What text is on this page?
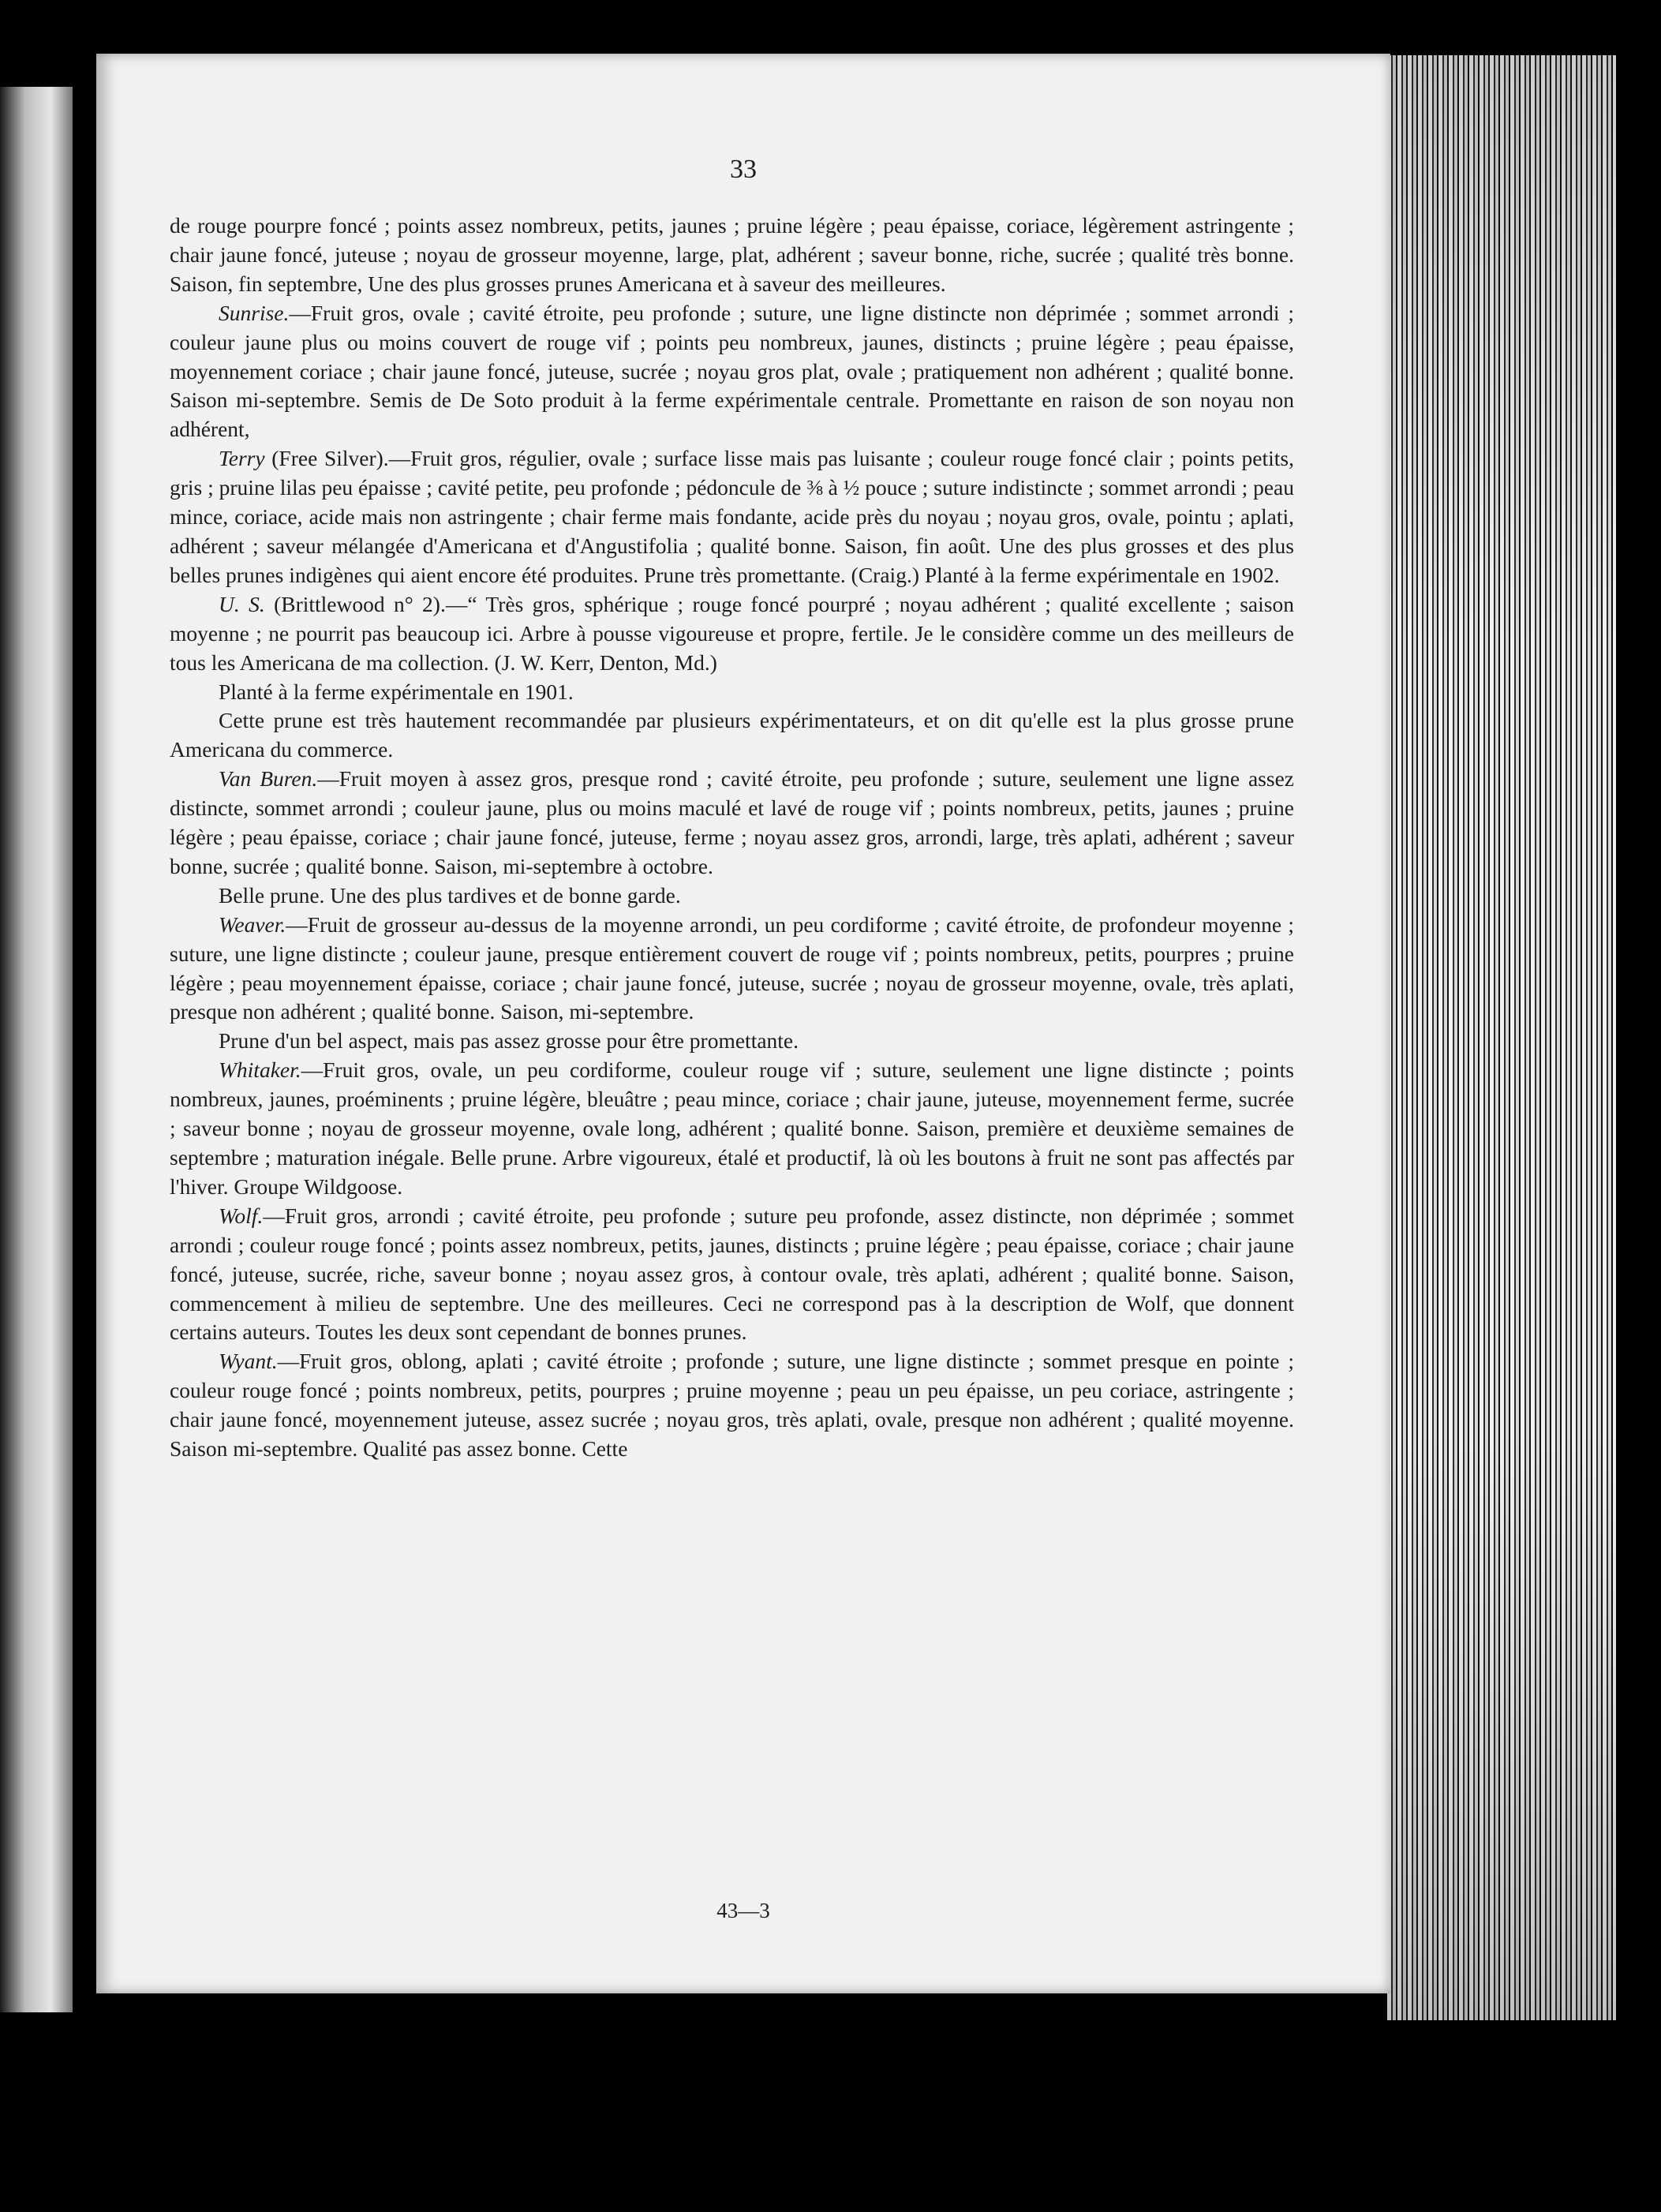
33

de rouge pourpre foncé ; points assez nombreux, petits, jaunes ; pruine légère ; peau épaisse, coriace, légèrement astringente ; chair jaune foncé, juteuse ; noyau de grosseur moyenne, large, plat, adhérent ; saveur bonne, riche, sucrée ; qualité très bonne. Saison, fin septembre, Une des plus grosses prunes Americana et à saveur des meilleures.

Sunrise.—Fruit gros, ovale ; cavité étroite, peu profonde ; suture, une ligne distincte non déprimée ; sommet arrondi ; couleur jaune plus ou moins couvert de rouge vif ; points peu nombreux, jaunes, distincts ; pruine légère ; peau épaisse, moyennement coriace ; chair jaune foncé, juteuse, sucrée ; noyau gros plat, ovale ; pratiquement non adhérent ; qualité bonne. Saison mi-septembre. Semis de De Soto produit à la ferme expérimentale centrale. Promettante en raison de son noyau non adhérent,

Terry (Free Silver).—Fruit gros, régulier, ovale ; surface lisse mais pas luisante ; couleur rouge foncé clair ; points petits, gris ; pruine lilas peu épaisse ; cavité petite, peu profonde ; pédoncule de ⅜ à ½ pouce ; suture indistincte ; sommet arrondi ; peau mince, coriace, acide mais non astringente ; chair ferme mais fondante, acide près du noyau ; noyau gros, ovale, pointu ; aplati, adhérent ; saveur mélangée d'Americana et d'Angustifolia ; qualité bonne. Saison, fin août. Une des plus grosses et des plus belles prunes indigènes qui aient encore été produites. Prune très promettante. (Craig.) Planté à la ferme expérimentale en 1902.

U. S. (Brittlewood n° 2).—“ Très gros, sphérique ; rouge foncé pourpré ; noyau adhérent ; qualité excellente ; saison moyenne ; ne pourrit pas beaucoup ici. Arbre à pousse vigoureuse et propre, fertile. Je le considère comme un des meilleurs de tous les Americana de ma collection. (J. W. Kerr, Denton, Md.)

Planté à la ferme expérimentale en 1901.

Cette prune est très hautement recommandée par plusieurs expérimentateurs, et on dit qu'elle est la plus grosse prune Americana du commerce.

Van Buren.—Fruit moyen à assez gros, presque rond ; cavité étroite, peu profonde ; suture, seulement une ligne assez distincte, sommet arrondi ; couleur jaune, plus ou moins maculé et lavé de rouge vif ; points nombreux, petits, jaunes ; pruine légère ; peau épaisse, coriace ; chair jaune foncé, juteuse, ferme ; noyau assez gros, arrondi, large, très aplati, adhérent ; saveur bonne, sucrée ; qualité bonne. Saison, mi-septembre à octobre.

Belle prune. Une des plus tardives et de bonne garde.

Weaver.—Fruit de grosseur au-dessus de la moyenne arrondi, un peu cordiforme ; cavité étroite, de profondeur moyenne ; suture, une ligne distincte ; couleur jaune, presque entièrement couvert de rouge vif ; points nombreux, petits, pourpres ; pruine légère ; peau moyennement épaisse, coriace ; chair jaune foncé, juteuse, sucrée ; noyau de grosseur moyenne, ovale, très aplati, presque non adhérent ; qualité bonne. Saison, mi-septembre.

Prune d'un bel aspect, mais pas assez grosse pour être promettante.

Whitaker.—Fruit gros, ovale, un peu cordiforme, couleur rouge vif ; suture, seulement une ligne distincte ; points nombreux, jaunes, proéminents ; pruine légère, bleuâtre ; peau mince, coriace ; chair jaune, juteuse, moyennement ferme, sucrée ; saveur bonne ; noyau de grosseur moyenne, ovale long, adhérent ; qualité bonne. Saison, première et deuxième semaines de septembre ; maturation inégale. Belle prune. Arbre vigoureux, étalé et productif, là où les boutons à fruit ne sont pas affectés par l'hiver. Groupe Wildgoose.

Wolf.—Fruit gros, arrondi ; cavité étroite, peu profonde ; suture peu profonde, assez distincte, non déprimée ; sommet arrondi ; couleur rouge foncé ; points assez nombreux, petits, jaunes, distincts ; pruine légère ; peau épaisse, coriace ; chair jaune foncé, juteuse, sucrée, riche, saveur bonne ; noyau assez gros, à contour ovale, très aplati, adhérent ; qualité bonne. Saison, commencement à milieu de septembre. Une des meilleures. Ceci ne correspond pas à la description de Wolf, que donnent certains auteurs. Toutes les deux sont cependant de bonnes prunes.

Wyant.—Fruit gros, oblong, aplati ; cavité étroite ; profonde ; suture, une ligne distincte ; sommet presque en pointe ; couleur rouge foncé ; points nombreux, petits, pourpres ; pruine moyenne ; peau un peu épaisse, un peu coriace, astringente ; chair jaune foncé, moyennement juteuse, assez sucrée ; noyau gros, très aplati, ovale, presque non adhérent ; qualité moyenne. Saison mi-septembre. Qualité pas assez bonne. Cette

43—3
